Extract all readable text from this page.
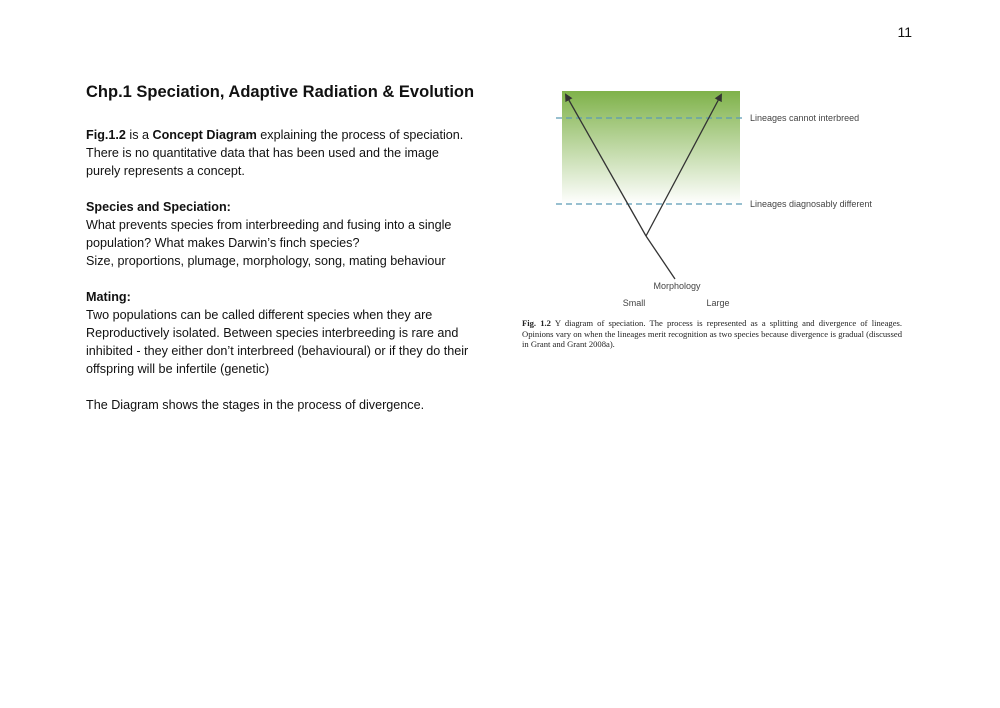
11
Chp.1 Speciation, Adaptive Radiation & Evolution

Fig.1.2 is a Concept Diagram explaining the process of speciation. There is no quantitative data that has been used and the image purely represents a concept.

Species and Speciation:
What prevents species from interbreeding and fusing into a single population? What makes Darwin’s finch species?
Size, proportions, plumage, morphology, song, mating behaviour

Mating:
Two populations can be called different species when they are Reproductively isolated. Between species interbreeding is rare and inhibited - they either don’t interbreed (behavioural) or if they do their offspring will be infertile (genetic)

The Diagram shows the stages in the process of divergence.

Lineages cannot interbreed
Lineages diagnosably different
Morphology
Small	Large
Fig. 1.2 Y diagram of speciation. The process is represented as a splitting and divergence of lineages. Opinions vary on when the lineages merit recognition as two species because divergence is gradual (discussed in Grant and Grant 2008a).
